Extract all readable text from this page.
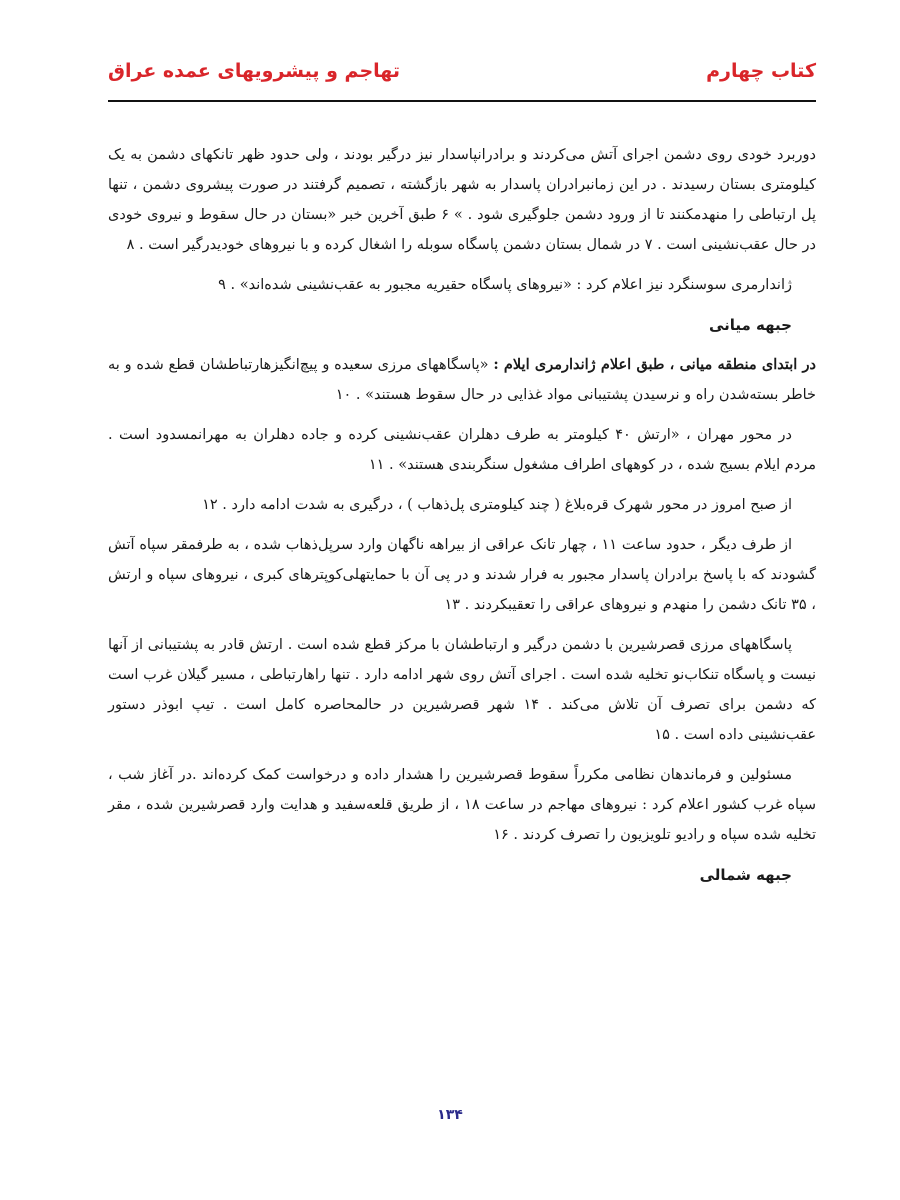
کتاب چهارم
تهاجم و پیشرویهای عمده عراق

دوربرد خودی روی دشمن اجرای آتش می‌کردند و برادرانپاسدار نیز درگیر بودند ، ولی حدود ظهر تانکهای دشمن به یک کیلومتری بستان رسیدند . در این زمانبرادران پاسدار به شهر بازگشته ، تصمیم گرفتند در صورت پیشروی دشمن ، تنها پل ارتباطی را منهدمکنند تا از ورود دشمن جلوگیری شود . » ۶ طبق آخرین خبر «بستان در حال سقوط و نیروی خودی در حال عقب‌نشینی است . ۷ در شمال بستان دشمن پاسگاه سوبله را اشغال کرده و با نیروهای خودیدرگیر است . ۸

ژاندارمری سوسنگرد نیز اعلام کرد : «نیروهای پاسگاه حقیریه مجبور به عقب‌نشینی شده‌اند» . ۹

جبهه میانی

در ابتدای منطقه میانی ، طبق اعلام ژاندارمری ایلام : «پاسگاههای مرزی سعیده و پیچ‌انگیزهارتباطشان قطع شده و به خاطر بسته‌شدن راه و نرسیدن پشتیبانی مواد غذایی در حال سقوط هستند» . ۱۰

در محور مهران ، «ارتش ۴۰ کیلومتر به طرف دهلران عقب‌نشینی کرده و جاده دهلران به مهرانمسدود است . مردم ایلام بسیج شده ، در کوههای اطراف مشغول سنگربندی هستند» . ۱۱

از صبح امروز در محور شهرک قره‌بلاغ ( چند کیلومتری پل‌ذهاب ) ، درگیری به شدت ادامه دارد . ۱۲

از طرف دیگر ، حدود ساعت ۱۱ ، چهار تانک عراقی از بیراهه ناگهان وارد سرپل‌ذهاب شده ، به طرفمقر سپاه آتش گشودند که با پاسخ برادران پاسدار مجبور به فرار شدند و در پی آن با حمایتهلی‌کوپترهای کبری ، نیروهای سپاه و ارتش ، ۳۵ تانک دشمن را منهدم و نیروهای عراقی را تعقیبکردند . ۱۳

پاسگاههای مرزی قصرشیرین با دشمن درگیر و ارتباطشان با مرکز قطع شده است . ارتش قادر به پشتیبانی از آنها نیست و پاسگاه تنکاب‌نو تخلیه شده است . اجرای آتش روی شهر ادامه دارد . تنها راهارتباطی ، مسیر گیلان غرب است که دشمن برای تصرف آن تلاش می‌کند . ۱۴ شهر قصرشیرین در حالمحاصره کامل است . تیپ ابوذر دستور عقب‌نشینی داده است . ۱۵

مسئولین و فرماندهان نظامی مکرراً سقوط قصرشیرین را هشدار داده و درخواست کمک کرده‌اند .در آغاز شب ، سپاه غرب کشور اعلام کرد : نیروهای مهاجم در ساعت ۱۸ ، از طریق قلعه‌سفید و هدایت وارد قصرشیرین شده ، مقر تخلیه شده سپاه و رادیو تلویزیون را تصرف کردند . ۱۶

جبهه شمالی
۱۳۴
